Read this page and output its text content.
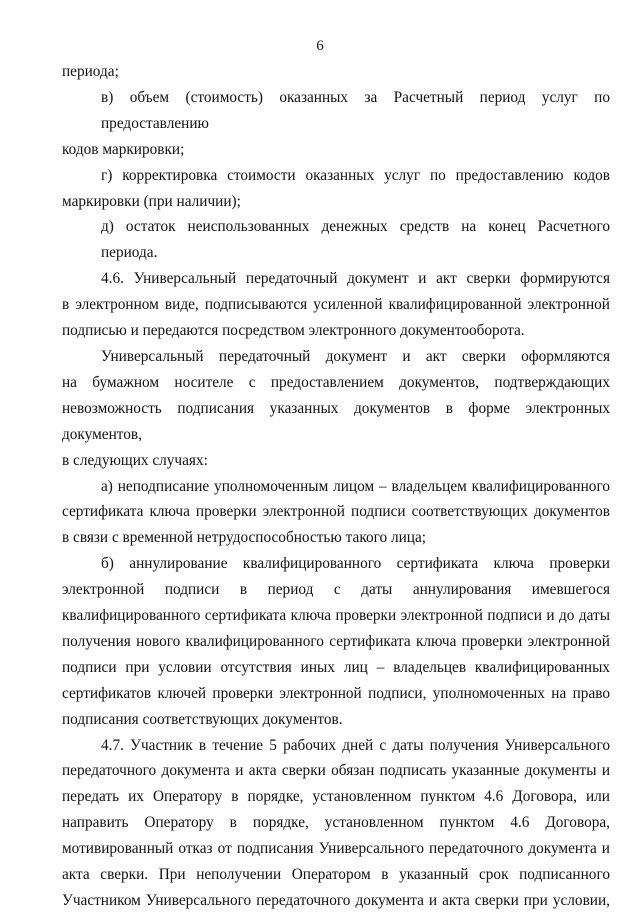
6
периода;
в) объем (стоимость) оказанных за Расчетный период услуг по предоставлению
кодов маркировки;
г) корректировка стоимости оказанных услуг по предоставлению кодов
маркировки (при наличии);
д) остаток неиспользованных денежных средств на конец Расчетного периода.
4.6. Универсальный передаточный документ и акт сверки формируются
в электронном виде, подписываются усиленной квалифицированной электронной
подписью и передаются посредством электронного документооборота.
Универсальный передаточный документ и акт сверки оформляются
на бумажном носителе с предоставлением документов, подтверждающих
невозможность подписания указанных документов в форме электронных документов,
в следующих случаях:
а) неподписание уполномоченным лицом – владельцем квалифицированного
сертификата ключа проверки электронной подписи соответствующих документов
в связи с временной нетрудоспособностью такого лица;
б) аннулирование квалифицированного сертификата ключа проверки
электронной подписи в период с даты аннулирования имевшегося
квалифицированного сертификата ключа проверки электронной подписи и до даты
получения нового квалифицированного сертификата ключа проверки электронной
подписи при условии отсутствия иных лиц – владельцев квалифицированных
сертификатов ключей проверки электронной подписи, уполномоченных на право
подписания соответствующих документов.
4.7. Участник в течение 5 рабочих дней с даты получения Универсального
передаточного документа и акта сверки обязан подписать указанные документы и
передать их Оператору в порядке, установленном пунктом 4.6 Договора, или
направить Оператору в порядке, установленном пунктом 4.6 Договора,
мотивированный отказ от подписания Универсального передаточного документа и
акта сверки. При неполучении Оператором в указанный срок подписанного
Участником Универсального передаточного документа и акта сверки при условии,
